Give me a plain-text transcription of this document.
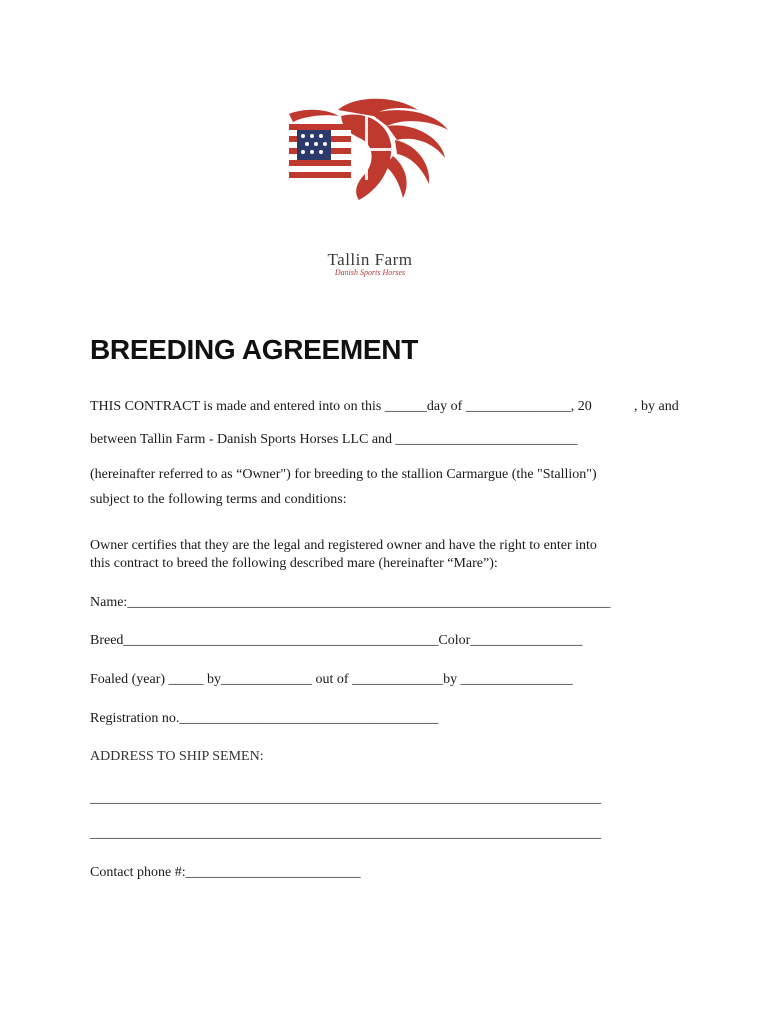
Tallin Farm
Danish Sports Horses
BREEDING AGREEMENT
THIS CONTRACT is made and entered into on this ______day of _______________, 20	, by and
between Tallin Farm - Danish Sports Horses LLC and __________________________
(hereinafter referred to as “Owner") for breeding to the stallion Carmargue (the "Stallion")
subject to the following terms and conditions:
Owner certifies that they are the legal and registered owner and have the right to enter into
this contract to breed the following described mare (hereinafter “Mare”):
Name:_____________________________________________________________________
Breed_____________________________________________Color________________
Foaled (year) _____ by_____________ out of _____________by ________________
Registration no._____________________________________
ADDRESS TO SHIP SEMEN:
_________________________________________________________________________
_________________________________________________________________________
Contact phone #:_________________________
